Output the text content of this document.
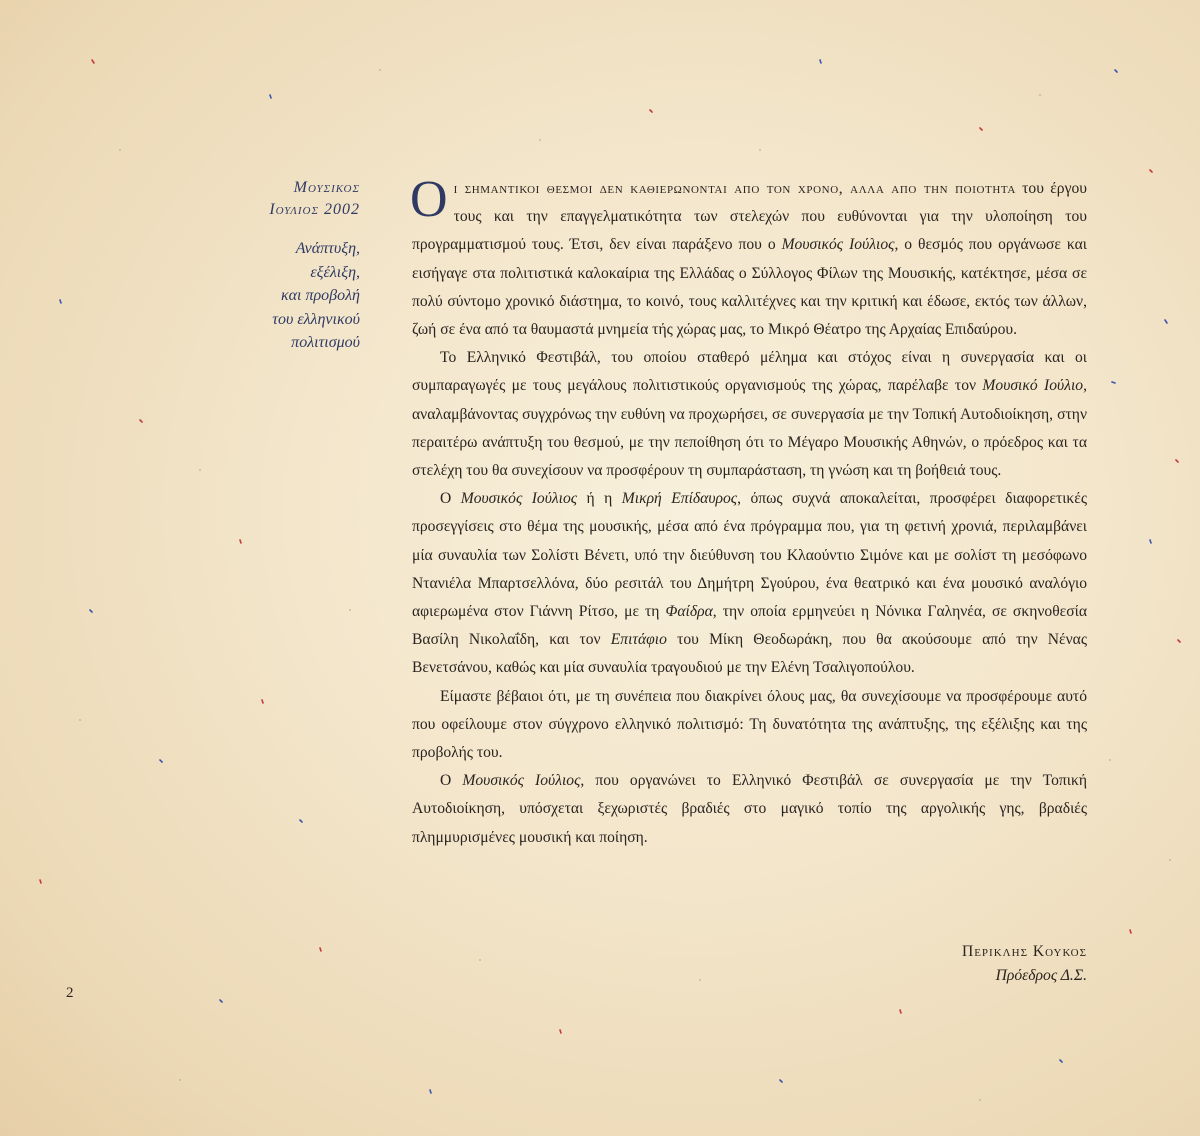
Μουσικος
Ιουλιος 2002
Ανάπτυξη,
εξέλιξη,
και προβολή
του ελληνικού
πολιτισμού

Οι σημαντικοι θεσμοι δεν καθιερωνονται απο τον χρονο, αλλα απο την ποιοτητα του έργου τους και την επαγγελματικότητα των στελεχών που ευθύνονται για την υλοποίηση του προγραμματισμού τους. Έτσι, δεν είναι παράξενο που ο Μουσικός Ιούλιος, ο θεσμός που οργάνωσε και εισήγαγε στα πολιτιστικά καλοκαίρια της Ελλάδας ο Σύλλογος Φίλων της Μουσικής, κατέκτησε, μέσα σε πολύ σύντομο χρονικό διάστημα, το κοινό, τους καλλιτέχνες και την κριτική και έδωσε, εκτός των άλλων, ζωή σε ένα από τα θαυμαστά μνημεία τής χώρας μας, το Μικρό Θέατρο της Αρχαίας Επιδαύρου.

Το Ελληνικό Φεστιβάλ, του οποίου σταθερό μέλημα και στόχος είναι η συνεργασία και οι συμπαραγωγές με τους μεγάλους πολιτιστικούς οργανισμούς της χώρας, παρέλαβε τον Μουσικό Ιούλιο, αναλαμβάνοντας συγχρόνως την ευθύνη να προχωρήσει, σε συνεργασία με την Τοπική Αυτοδιοίκηση, στην περαιτέρω ανάπτυξη του θεσμού, με την πεποίθηση ότι το Μέγαρο Μουσικής Αθηνών, ο πρόεδρος και τα στελέχη του θα συνεχίσουν να προσφέρουν τη συμπαράσταση, τη γνώση και τη βοήθειά τους.

Ο Μουσικός Ιούλιος ή η Μικρή Επίδαυρος, όπως συχνά αποκαλείται, προσφέρει διαφορετικές προσεγγίσεις στο θέμα της μουσικής, μέσα από ένα πρόγραμμα που, για τη φετινή χρονιά, περιλαμβάνει μία συναυλία των Σολίστι Βένετι, υπό την διεύθυνση του Κλαούντιο Σιμόνε και με σολίστ τη μεσόφωνο Ντανιέλα Μπαρτσελλόνα, δύο ρεσιτάλ του Δημήτρη Σγούρου, ένα θεατρικό και ένα μουσικό αναλόγιο αφιερωμένα στον Γιάννη Ρίτσο, με τη Φαίδρα, την οποία ερμηνεύει η Νόνικα Γαληνέα, σε σκηνοθεσία Βασίλη Νικολαΐδη, και τον Επιτάφιο του Μίκη Θεοδωράκη, που θα ακούσουμε από την Νένας Βενετσάνου, καθώς και μία συναυλία τραγουδιού με την Ελένη Τσαλιγοπούλου.

Είμαστε βέβαιοι ότι, με τη συνέπεια που διακρίνει όλους μας, θα συνεχίσουμε να προσφέρουμε αυτό που οφείλουμε στον σύγχρονο ελληνικό πολιτισμό: Τη δυνατότητα της ανάπτυξης, της εξέλιξης και της προβολής του.

Ο Μουσικός Ιούλιος, που οργανώνει το Ελληνικό Φεστιβάλ σε συνεργασία με την Τοπική Αυτοδιοίκηση, υπόσχεται ξεχωριστές βραδιές στο μαγικό τοπίο της αργολικής γης, βραδιές πλημμυρισμένες μουσική και ποίηση.

Περικλης Κουκος
Πρόεδρος Δ.Σ.
2
